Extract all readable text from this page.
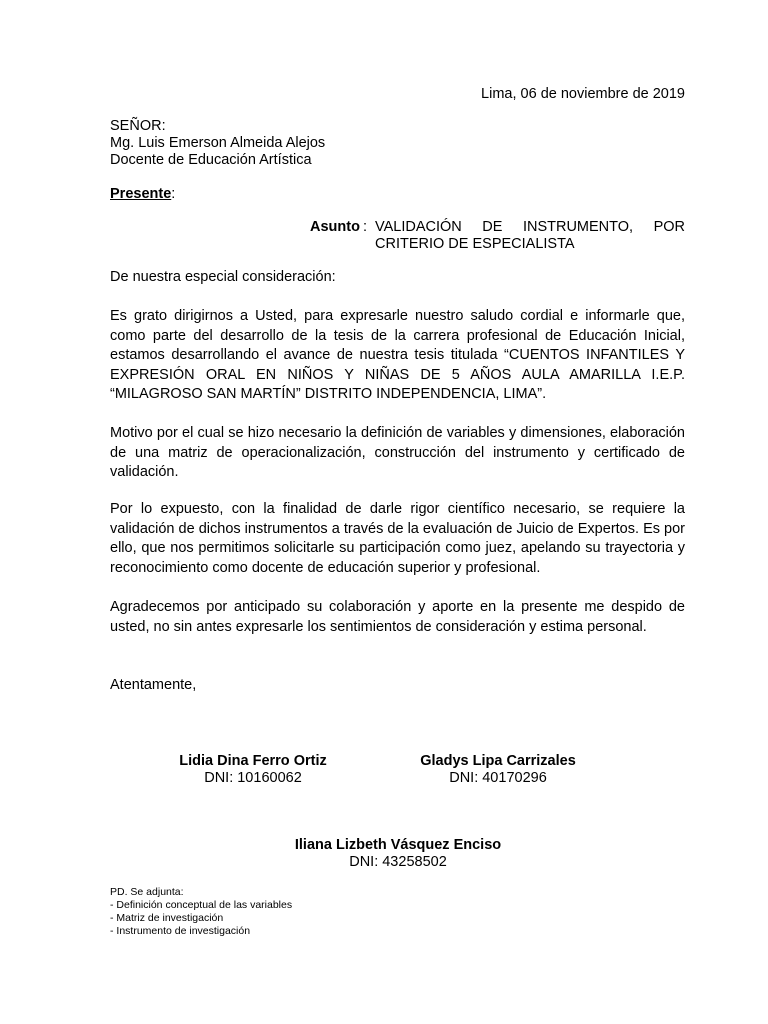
Lima, 06 de noviembre de 2019
SEÑOR:
Mg. Luis Emerson Almeida Alejos
Docente de Educación Artística
Presente:
Asunto : VALIDACIÓN DE INSTRUMENTO, POR
CRITERIO DE ESPECIALISTA
De nuestra especial consideración:
Es grato dirigirnos a Usted, para expresarle nuestro saludo cordial e informarle que, como parte del desarrollo de la tesis de la carrera profesional de Educación Inicial, estamos desarrollando el avance de nuestra tesis titulada “CUENTOS INFANTILES Y EXPRESIÓN ORAL EN NIÑOS Y NIÑAS DE 5 AÑOS AULA AMARILLA I.E.P. “MILAGROSO SAN MARTÍN” DISTRITO INDEPENDENCIA, LIMA”.
Motivo por el cual se hizo necesario la definición de variables y dimensiones, elaboración de una matriz de operacionalización, construcción del instrumento y certificado de validación.
Por lo expuesto, con la finalidad de darle rigor científico necesario, se requiere la validación de dichos instrumentos a través de la evaluación de Juicio de Expertos. Es por ello, que nos permitimos solicitarle su participación como juez, apelando su trayectoria y reconocimiento como docente de educación superior y profesional.
Agradecemos por anticipado su colaboración y aporte en la presente me despido de usted, no sin antes expresarle los sentimientos de consideración y estima personal.
Atentamente,
Lidia Dina Ferro Ortiz
DNI: 10160062
Gladys Lipa Carrizales
DNI: 40170296
Iliana Lizbeth Vásquez Enciso
DNI: 43258502
PD. Se adjunta:
- Definición conceptual de las variables
- Matriz de investigación
- Instrumento de investigación
